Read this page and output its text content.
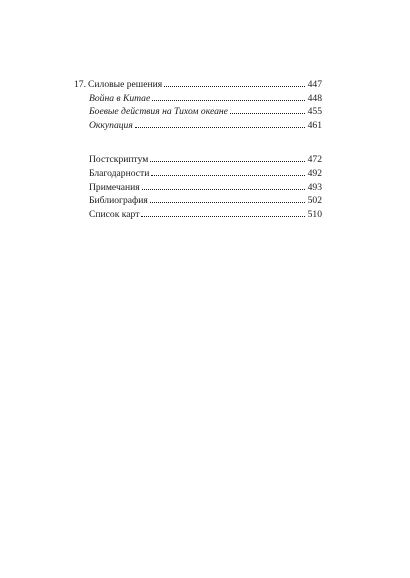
17. Силовые решения	447
Война в Китае	448
Боевые действия на Тихом океане	455
Оккупация	461
Постскриптум	472
Благодарности	492
Примечания	493
Библиография	502
Список карт	510
